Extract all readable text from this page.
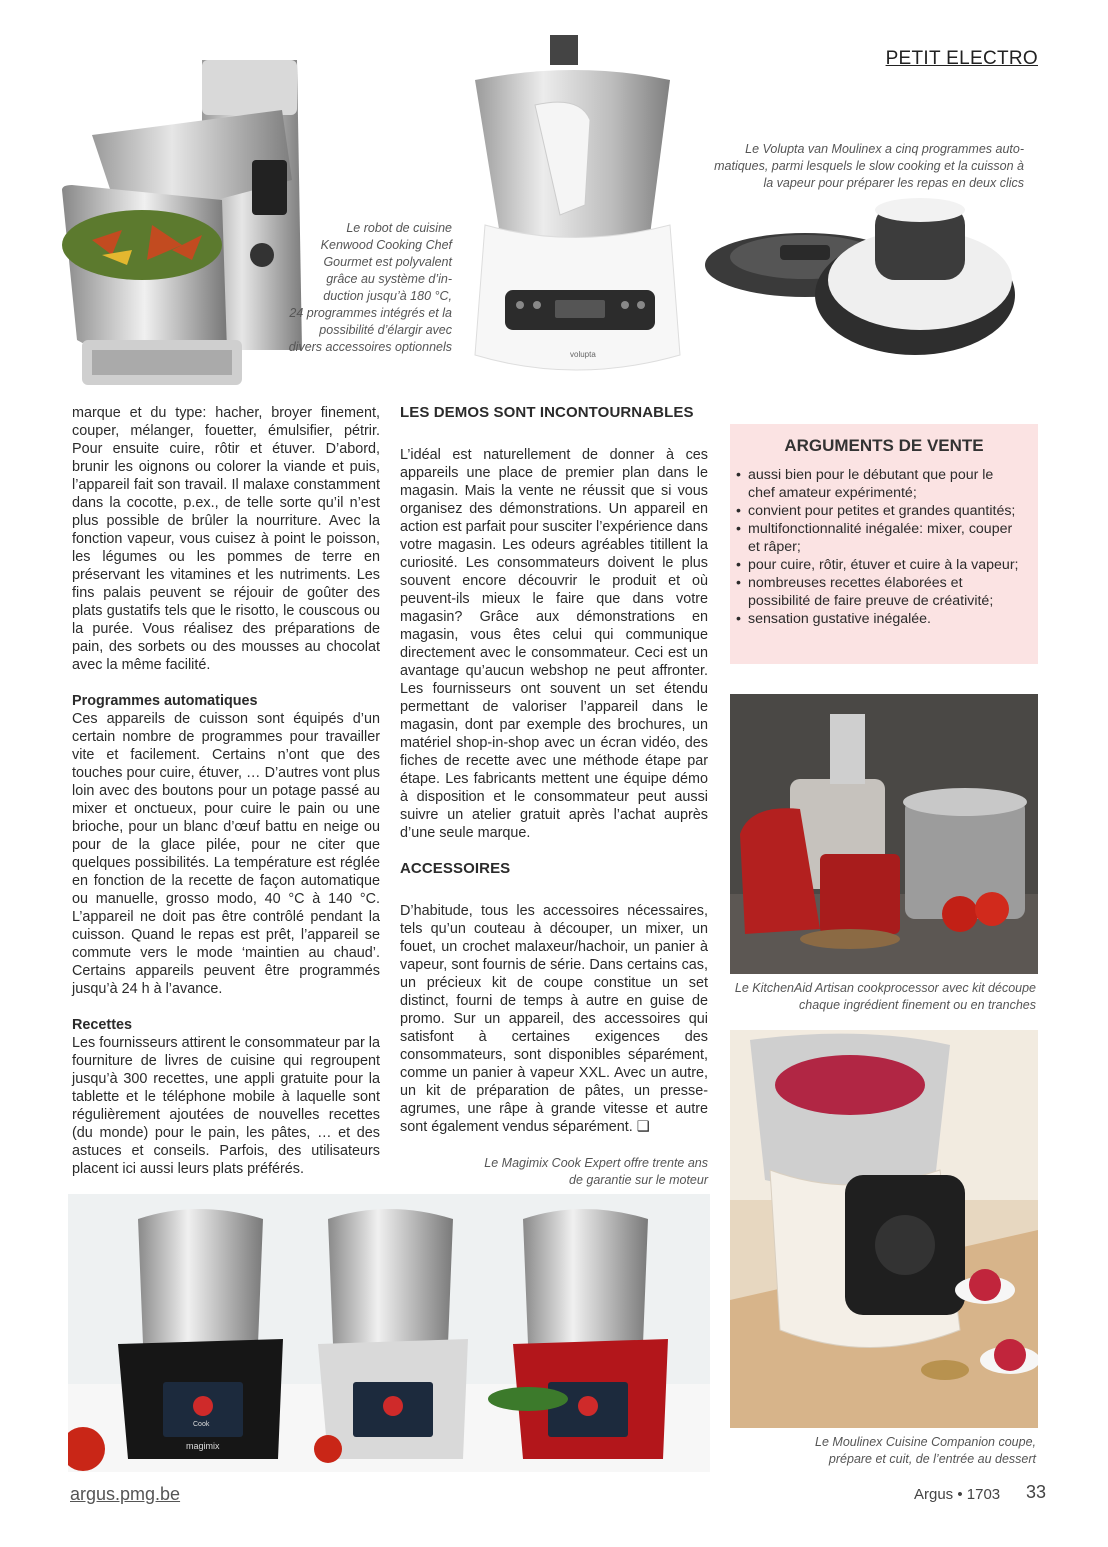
PETIT ELECTRO
Le robot de cuisine
Kenwood Cooking Chef
Gourmet est polyvalent
grâce au système d’in-
duction jusqu’à 180 °C,
24 programmes intégrés et la
possibilité d’élargir avec
divers accessoires optionnels
volupta
Le Volupta van Moulinex a cinq programmes auto-
matiques, parmi lesquels le slow cooking et la cuisson à
la vapeur pour préparer les repas en deux clics

marque et du type: hacher, broyer finement, couper, mélanger, fouetter, émulsifier, pétrir. Pour ensuite cuire, rôtir et étuver. D’abord, brunir les oignons ou colorer la viande et puis, l’appareil fait son travail. Il malaxe constamment dans la cocotte, p.ex., de telle sorte qu’il n’est plus possible de brûler la nourriture. Avec la fonction vapeur, vous cuisez à point le poisson, les légumes ou les pommes de terre en préservant les vitamines et les nutriments. Les fins palais peuvent se réjouir de goûter des plats gustatifs tels que le risotto, le couscous ou la purée. Vous réalisez des préparations de pain, des sorbets ou des mousses au chocolat avec la même facilité.

Programmes automatiques

Ces appareils de cuisson sont équipés d’un certain nombre de programmes pour travailler vite et facilement. Certains n’ont que des touches pour cuire, étuver, … D’autres vont plus loin avec des boutons pour un potage passé au mixer et onctueux, pour cuire le pain ou une brioche, pour un blanc d’œuf battu en neige ou pour de la glace pilée, pour ne citer que quelques possibilités. La température est réglée en fonction de la recette de façon automatique ou manuelle, grosso modo, 40 °C à 140 °C. L’appareil ne doit pas être contrôlé pendant la cuisson. Quand le repas est prêt, l’appareil se commute vers le mode ‘maintien au chaud’. Certains appareils peuvent être programmés jusqu’à 24 h à l’avance.

Recettes

Les fournisseurs attirent le consommateur par la fourniture de livres de cuisine qui regroupent jusqu’à 300 recettes, une appli gratuite pour la tablette et le téléphone mobile à laquelle sont régulièrement ajoutées de nouvelles recettes (du monde) pour le pain, les pâtes, … et des astuces et conseils. Parfois, des utilisateurs placent ici aussi leurs plats préférés.

LES DEMOS SONT INCONTOURNABLES

L’idéal est naturellement de donner à ces appareils une place de premier plan dans le magasin. Mais la vente ne réussit que si vous organisez des démonstrations. Un appareil en action est parfait pour susciter l’expérience dans votre magasin. Les odeurs agréables titillent la curiosité. Les consommateurs doivent le plus souvent encore découvrir le produit et où peuvent-ils mieux le faire que dans votre magasin? Grâce aux démonstrations en magasin, vous êtes celui qui communique directement avec le consommateur. Ceci est un avantage qu’aucun webshop ne peut affronter. Les fournisseurs ont souvent un set étendu permettant de valoriser l’appareil dans le magasin, dont par exemple des brochures, un matériel shop-in-shop avec un écran vidéo, des fiches de recette avec une méthode étape par étape. Les fabricants mettent une équipe démo à disposition et le consommateur peut aussi suivre un atelier gratuit après l’achat auprès d’une seule marque.

ACCESSOIRES

D’habitude, tous les accessoires nécessaires, tels qu’un couteau à découper, un mixer, un fouet, un crochet malaxeur/hachoir, un panier à vapeur, sont fournis de série. Dans certains cas, un précieux kit de coupe constitue un set distinct, fourni de temps à autre en guise de promo. Sur un appareil, des accessoires qui satisfont à certaines exigences des consommateurs, sont disponibles séparément, comme un panier à vapeur XXL. Avec un autre, un kit de préparation de pâtes, un presse-agrumes, une râpe à grande vitesse et autre sont également vendus séparément. ❑

ARGUMENTS DE VENTE
• aussi bien pour le débutant que pour le chef amateur expérimenté;
• convient pour petites et grandes quantités;
• multifonctionnalité inégalée: mixer, couper et râper;
• pour cuire, rôtir, étuver et cuire à la vapeur;
• nombreuses recettes élaborées et possibilité de faire preuve de créativité;
• sensation gustative inégalée.
Le KitchenAid Artisan cookprocessor avec kit découpe
chaque ingrédient finement ou en tranches
Le Moulinex Cuisine Companion coupe,
prépare et cuit, de l’entrée au dessert
Le Magimix Cook Expert offre trente ans
de garantie sur le moteur
magimix
Cook
argus.pmg.be	Argus • 1703 33
